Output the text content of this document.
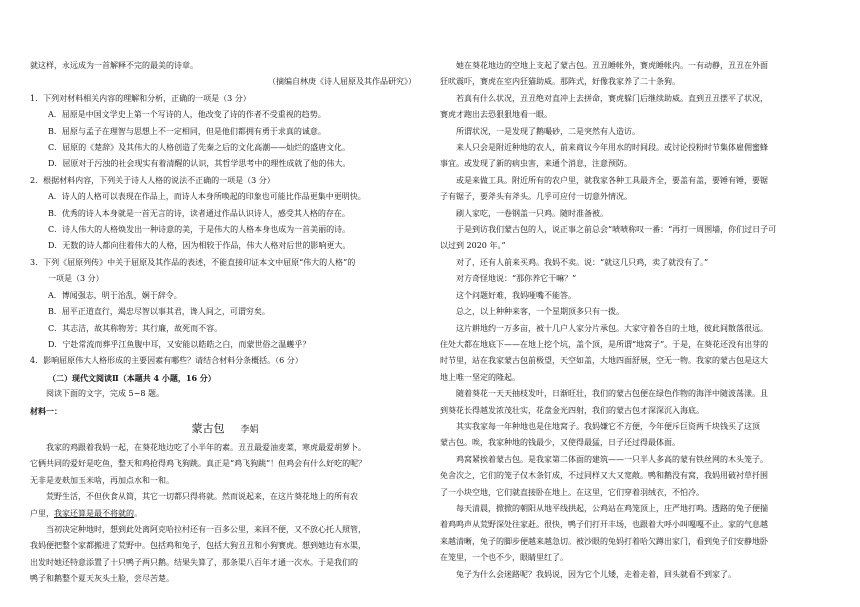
就这样，永远成为一首解释不完的最美的诗章。
（摘编自林庚《诗人屈原及其作品研究》）
1．下列对材料相关内容的理解和分析，正确的一项是（3 分）
A．屈原是中国文学史上第一个写诗的人，他改变了诗的作者不受重视的趋势。
B．屈原与孟子在理智与思想上不一定相同，但是他们都拥有勇于求真的诚意。
C．屈原的《楚辞》及其伟大的人格创造了先秦之后的文化高潮——灿烂的盛唐文化。
D．屈原对于污浊的社会现实有着清醒的认识，其哲学思考中的理性成就了他的伟大。
2．根据材料内容，下列关于诗人人格的说法不正确的一项是（3 分）
A．诗人的人格可以表现在作品上，而诗人本身所唤起的印象也可能比作品更集中更明快。
B．优秀的诗人本身就是一首无言的诗，读者通过作品认识诗人，感受其人格的存在。
C．诗人伟大的人格焕发出一种诗意的美，于是伟大的人格本身也成为一首美丽的诗。
D．无数的诗人都向往着伟大的人格，因为相较于作品，伟大人格对后世的影响更大。
3．下列《屈原列传》中关于屈原及其作品的表述，不能直接印证本文中屈原“伟大的人格”的
一项是（3 分）
A．博闻强志，明于治乱，娴于辞令。
B．屈平正道直行，竭忠尽智以事其君，谗人间之，可谓穷矣。
C．其志洁，故其称物芳；其行廉，故死而不容。
D．宁赴常流而葬乎江鱼腹中耳，又安能以皓皓之白，而蒙世俗之温蠖乎？
4．影响屈原伟大人格形成的主要因素有哪些？请结合材料分条概括。（6 分）
（二）现代文阅读Ⅱ（本题共 4 小题，16 分）
阅读下面的文字，完成 5~8 题。
材料一：
蒙古包 李娟
我家的鸡跟着我妈一起，在葵花地边吃了小半年的素。丑丑最爱油麦菜，寒虎最爱胡萝卜。
它俩共同的爱好是吃鱼，整天和鸡抢得鸡飞狗跳。真正是“鸡飞狗跳”！但鸡会有什么好吃的呢？
无非是麦麸加玉米啥，再加点水和一和。
荒野生活，不但伙食从简，其它一切都只得将就。然而说起来，在这片葵花地上的所有农
户里，我家还算是最不将就的。
当初决定种地时，想到此处离阿克哈拉村还有一百多公里，来回不便，又不放心托人照管，
我妈便把整个家都搬进了荒野中。包括鸡和兔子，包括大狗丑丑和小狗赛虎。想到她边有水渠，
出发时她还特意添置了十只鸭子两只鹅。结果失算了，那条渠八百年才通一次水。于是我们的
鸭子和鹅整个夏天灰头土脸，尝尽苦楚。
她在葵花地边的空地上支起了蒙古包。丑丑睡帐外，赛虎睡帐内。一有动静，丑丑在外面
狂吠震吓，赛虎在室内狂猫助威。那阵式，好像我家养了二十条狗。
若真有什么状况，丑丑绝对直冲上去拼命，赛虎躲门后继续助威。直到丑丑摆平了状况，
赛虎才跑出去恐狠狠地看一眼。
所谓状况，一是发现了鹅嘬砂，二是突然有人造访。
来人只会是附近种地的农人，前来商议今年用水的时间段。或讨论投粉时节集体雇佣蜜蜂
事宜。或发现了新的病虫害，来通个消息，注意预防。
或是来做工具。附近所有的农户里，就我家各种工具最齐全，要盖有盖，要锤有锤，要锯
子有锯子，要斧头有斧头。几乎可应付一切意外情况。
刷人家吃，一卷钢盖一只鸡。随时准备被。
于是到访我们蒙古包的人，说正事之前总会“啧啧称叹一番：“再打一周围墙，你们过日子可
以过到 2020 年。”
对了，还有人前来买鸡。我妈不卖。说：“就这几只鸡，卖了就没有了。”
对方奇怪地说：“那你养它干嘛？”
这个问题好难，我妈哑嘴不能答。
总之，以上种种来客，一个星期顶多只有一拨。
这片耕地约一万多亩，被十几户人家分片承包。大家守着各自的土地，彼此间散落很远。
住处大都在地底下——在地上挖个坑，盖个顶，是所谓“地窝子”。于是，在葵花还没有出芽的
时节里，站在我家蒙古包前极望，天空如盖，大地四面舒展，空无一物。我家的蒙古包是这大
地上唯一坚定的隆起。
随着葵花一天天抽枝发叶，日渐旺壮，我们的蒙古包便在绿色作物的海洋中随波荡漾。且
到葵花长得越发浓茂壮实，花盘金光四射，我们的蒙古包才深深沉入海底。
其实我家每一年种地也是住地窝子。我妈嫌它不方便，今年便斥巨资两千块钱买了这顶
蒙古包。唉，我家种地的钱最少，又使得最猛，日子还过得最体面。
鸡窝紧挨着蒙古包。是我家第二体面的建筑——一只半人多高的蒙有铁丝网的木头笼子。
免舍次之，它们的笼子仅木条钉成，不过同样又大又宽敞。鸭和鹅没有窝，我妈用破衬草扦围
了一小块空地，它们就直接卧在地上。在这里，它们穿着羽绒衣，不怕冷。
每天清晨，掀掀的朝阳从地平线拱起，公鸡站在鸡笼顶上，庄严地打鸣。透路的兔子便揣
着鸡鸣声从荒野深处往家赶。很快，鸭子们打开丰场，也跟着大呼小叫嘎嘎不止。家的气息越
来越清晰，兔子的脚步便越来越急切。被沙眼的兔妈打着哈欠蹲出家门，看到兔子们安静地卧
在笼里，一个也不少，眼睛里红了。
兔子为什么会迷路呢？我妈说，因为它个儿矮，走着走着，回头就看不到家了。
